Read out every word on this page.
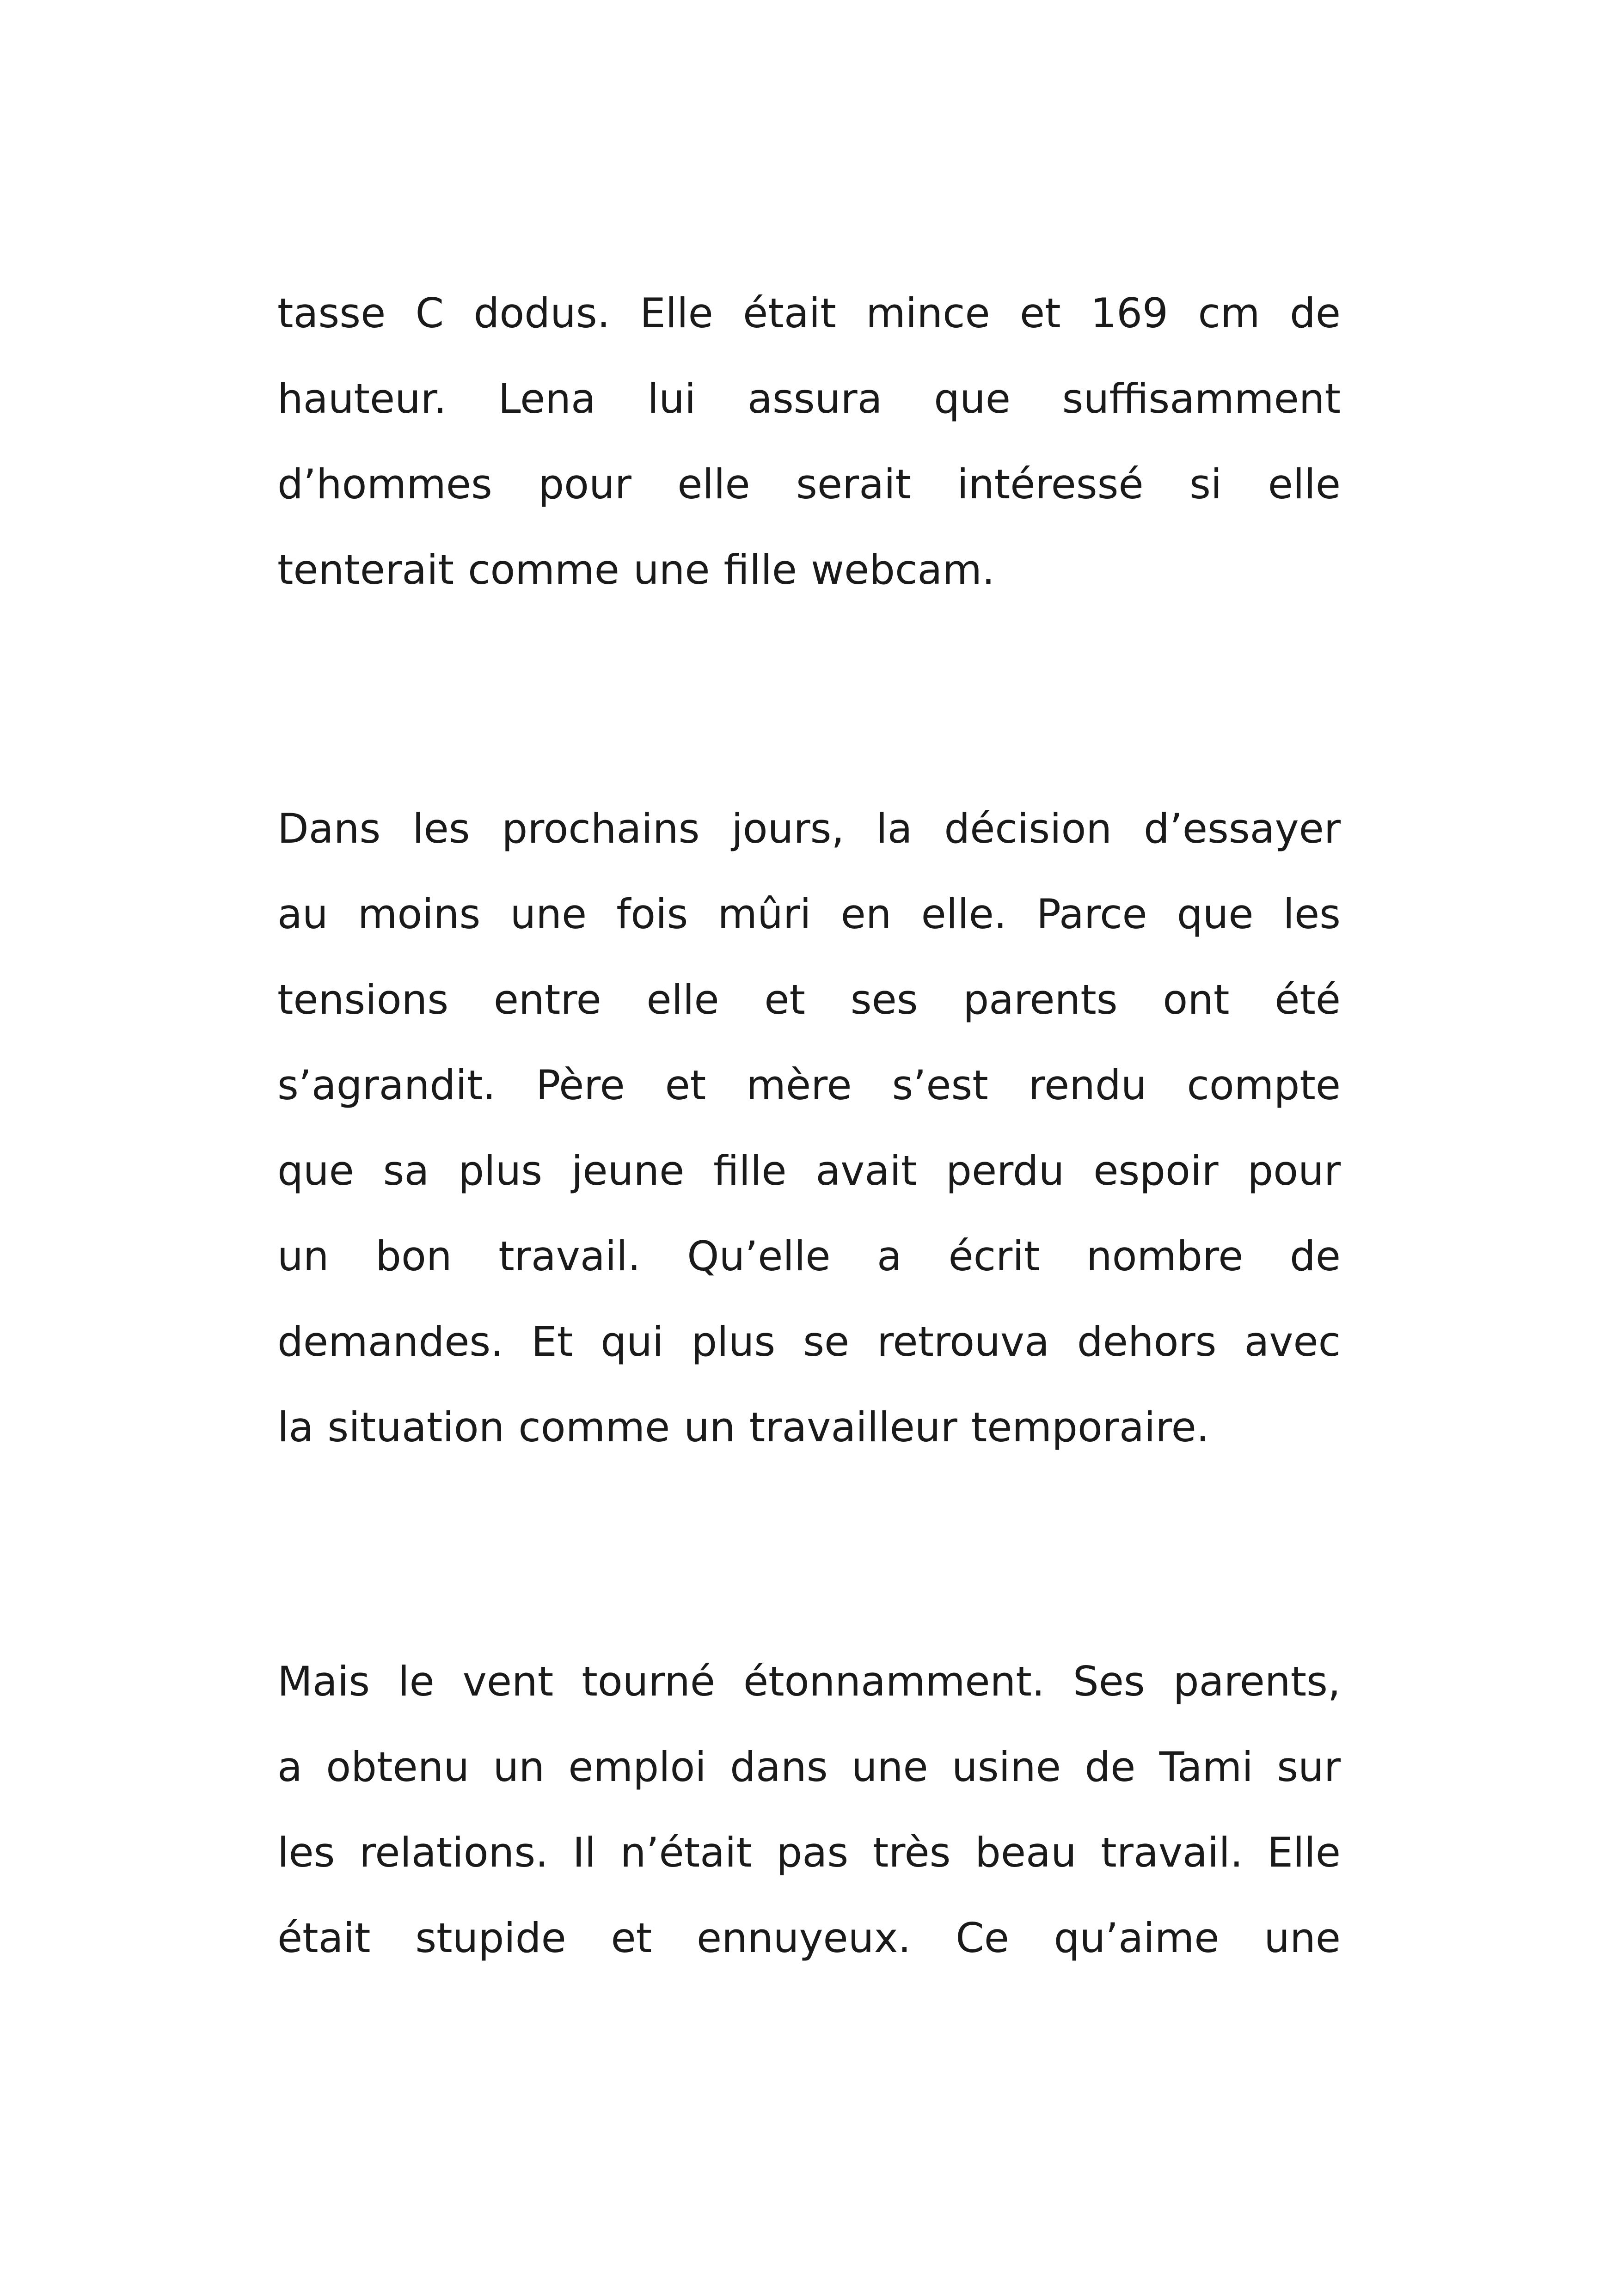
tasse C dodus. Elle était mince et 169 cm de
hauteur. Lena lui assura que suffisamment
d’hommes pour elle serait intéressé si elle
tenterait comme une fille webcam.
Dans les prochains jours, la décision d’essayer
au moins une fois mûri en elle. Parce que les
tensions entre elle et ses parents ont été
s’agrandit. Père et mère s’est rendu compte
que sa plus jeune fille avait perdu espoir pour
un bon travail. Qu’elle a écrit nombre de
demandes. Et qui plus se retrouva dehors avec
la situation comme un travailleur temporaire.
Mais le vent tourné étonnamment. Ses parents,
a obtenu un emploi dans une usine de Tami sur
les relations. Il n’était pas très beau travail. Elle
était stupide et ennuyeux. Ce qu’aime une
